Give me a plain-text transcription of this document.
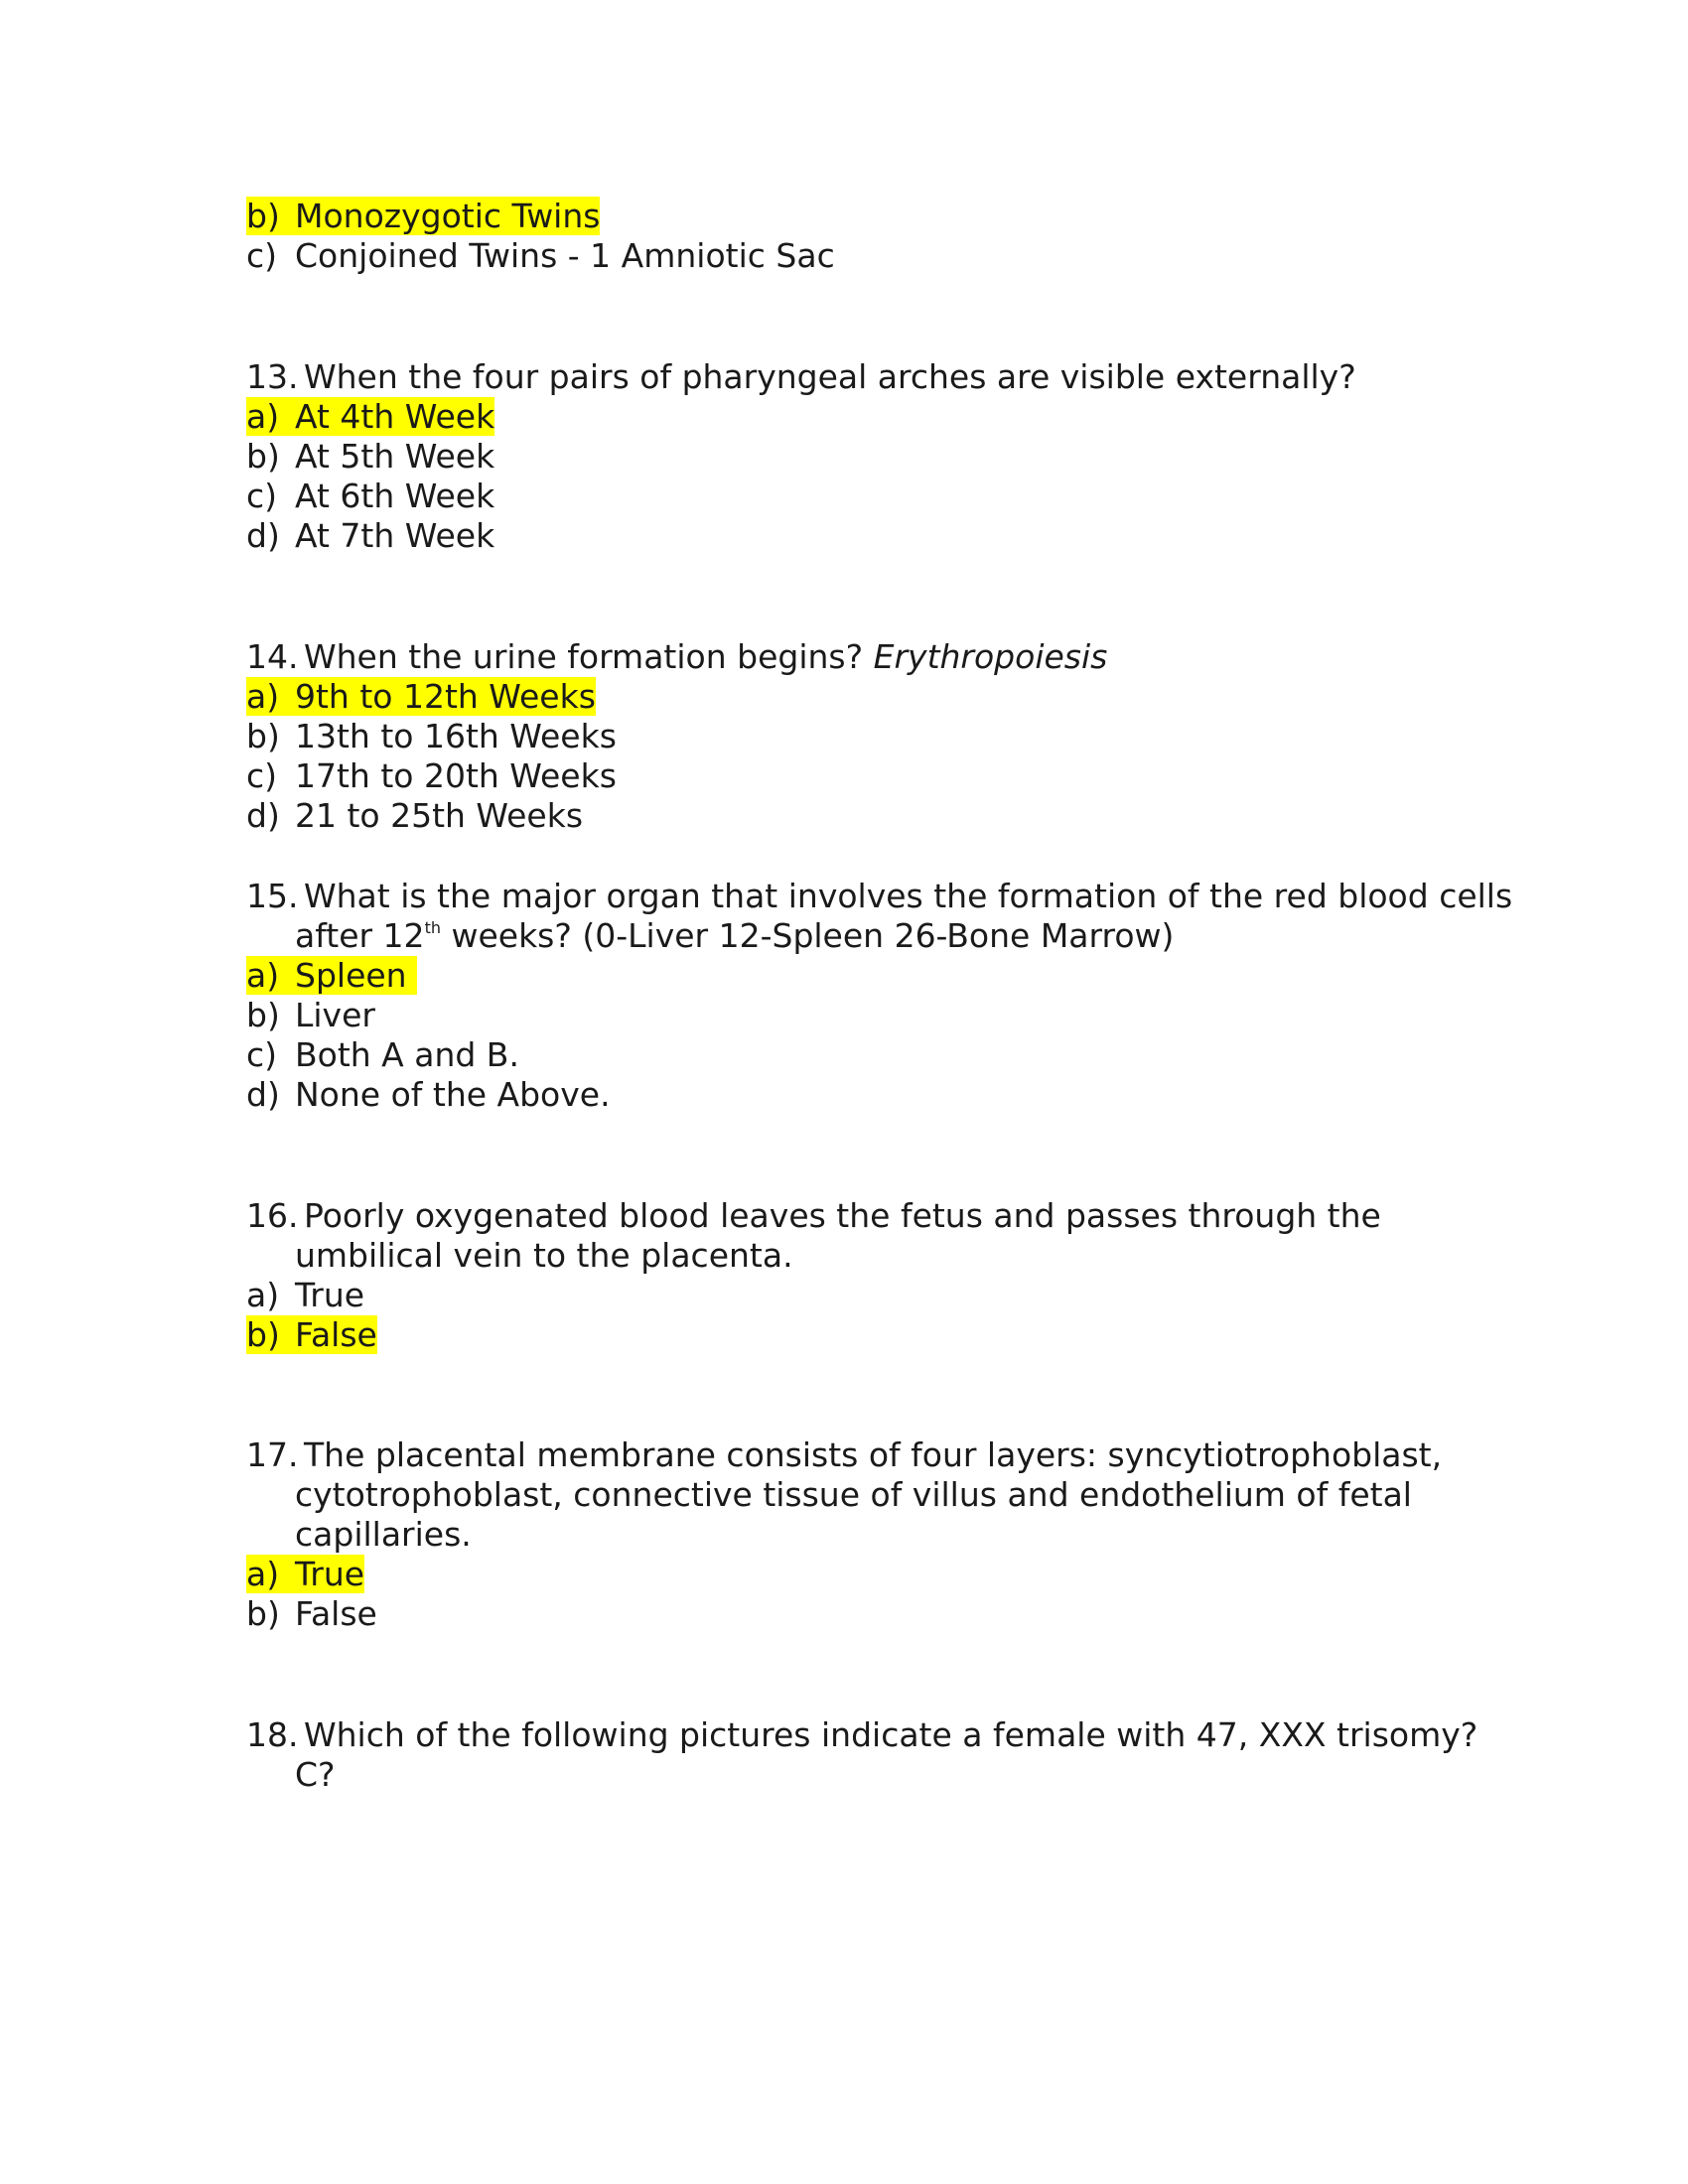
b) Monozygotic Twins
c) Conjoined Twins - 1 Amniotic Sac
13. When the four pairs of pharyngeal arches are visible externally?
a) At 4th Week
b) At 5th Week
c) At 6th Week
d) At 7th Week
14. When the urine formation begins? Erythropoiesis
a) 9th to 12th Weeks
b) 13th to 16th Weeks
c) 17th to 20th Weeks
d) 21 to 25th Weeks
15. What is the major organ that involves the formation of the red blood cells
after 12th weeks? (0-Liver 12-Spleen 26-Bone Marrow)
a) Spleen
b) Liver
c) Both A and B.
d) None of the Above.
16. Poorly oxygenated blood leaves the fetus and passes through the
umbilical vein to the placenta.
a) True
b) False
17. The placental membrane consists of four layers: syncytiotrophoblast,
cytotrophoblast, connective tissue of villus and endothelium of fetal
capillaries.
a) True
b) False
18. Which of the following pictures indicate a female with 47, XXX trisomy?
C?
